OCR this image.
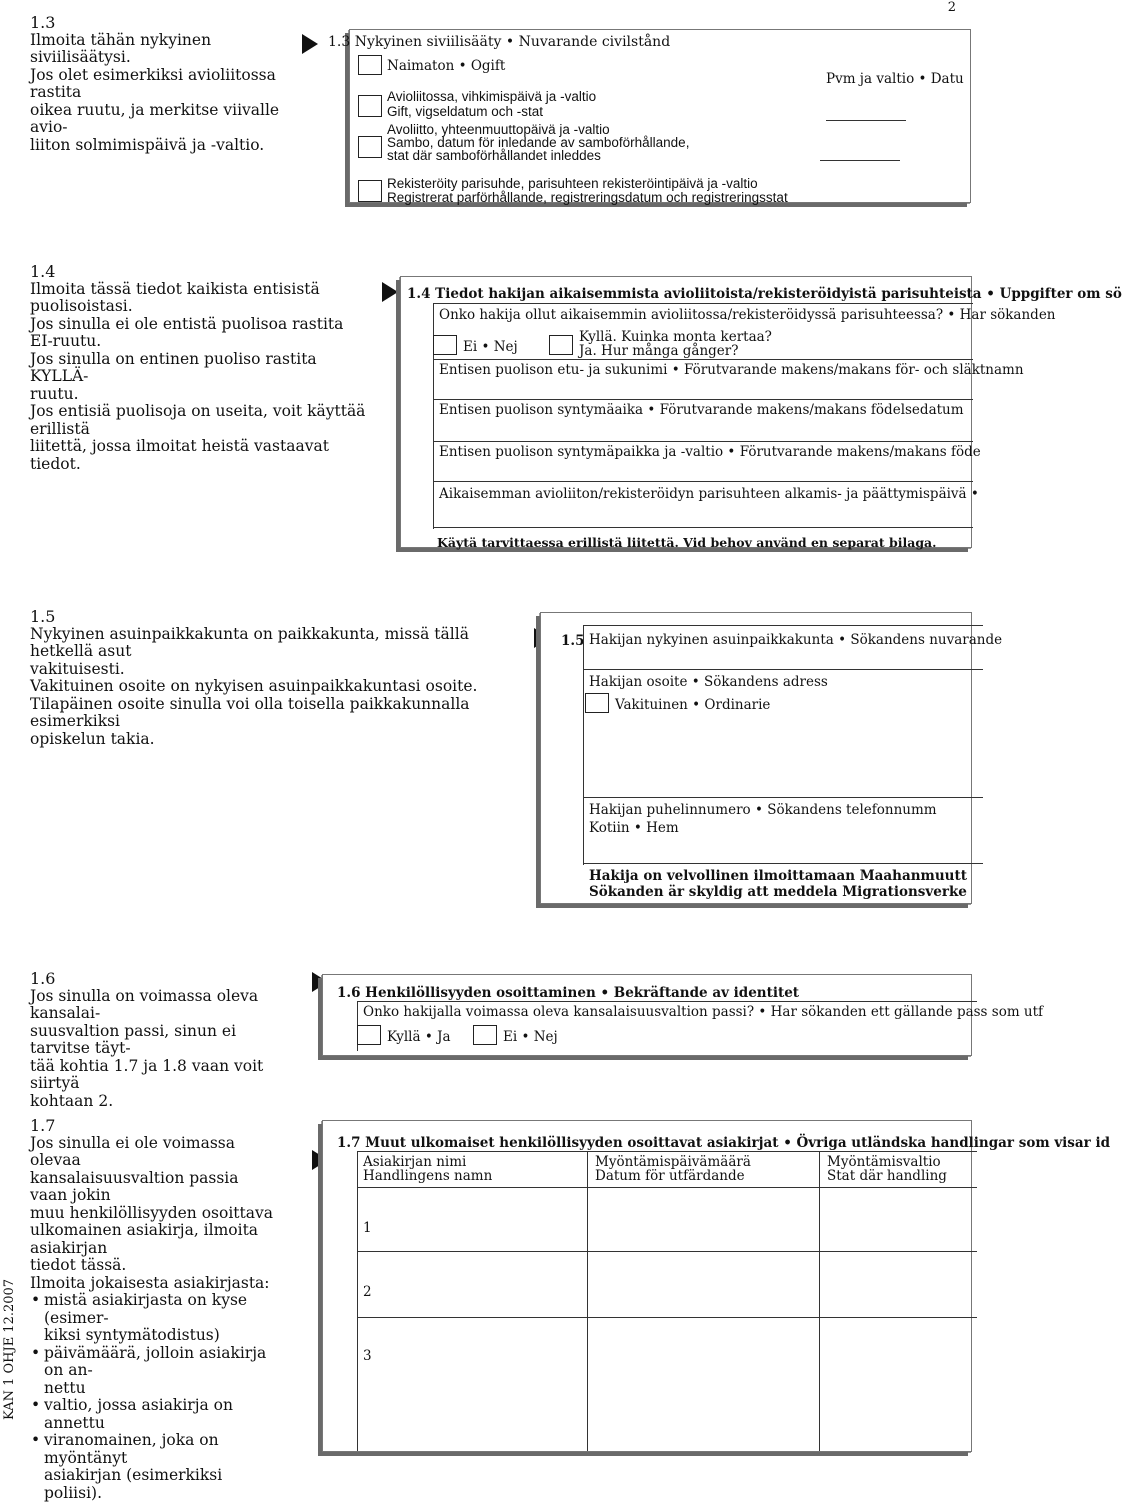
2
KAN 1 OHJE 12.2007

1.3

Ilmoita tähän nykyinen siviilisäätysi.

Jos olet esimerkiksi avioliitossa rastita

oikea ruutu, ja merkitse viivalle avio-

liiton solmimispäivä ja -valtio.

1.3 Nykyinen siviilisääty • Nuvarande civilstånd
Naimaton • Ogift
Avioliitossa, vihkimispäivä ja -valtio
Gift, vigseldatum och -stat
Avoliitto, yhteenmuuttopäivä ja -valtio
Sambo, datum för inledande av samboförhållande,
stat där samboförhållandet inleddes
Rekisteröity parisuhde, parisuhteen rekisteröintipäivä ja -valtio
Registrerat parförhållande, registreringsdatum och registreringsstat
Pvm ja valtio • Datu

1.4

Ilmoita tässä tiedot kaikista entisistä puolisoistasi.

Jos sinulla ei ole entistä puolisoa rastita EI-ruutu.

Jos sinulla on entinen puoliso rastita KYLLÄ-

ruutu.

Jos entisiä puolisoja on useita, voit käyttää erillistä

liitettä, jossa ilmoitat heistä vastaavat tiedot.

1.4 Tiedot hakijan aikaisemmista avioliitoista/rekisteröidyistä parisuhteista • Uppgifter om sö
Onko hakija ollut aikaisemmin avioliitossa/rekisteröidyssä parisuhteessa? • Har sökanden
Ei • Nej
Kyllä. Kuinka monta kertaa?
Ja. Hur många gånger?
Entisen puolison etu- ja sukunimi • Förutvarande makens/makans för- och släktnamn
Entisen puolison syntymäaika • Förutvarande makens/makans födelsedatum
Entisen puolison syntymäpaikka ja -valtio • Förutvarande makens/makans föde
Aikaisemman avioliiton/rekisteröidyn parisuhteen alkamis- ja päättymispäivä •
Käytä tarvittaessa erillistä liitettä. Vid behov använd en separat bilaga.

1.5

Nykyinen asuinpaikkakunta on paikkakunta, missä tällä hetkellä asut

vakituisesti.

Vakituinen osoite on nykyisen asuinpaikkakuntasi osoite.

Tilapäinen osoite sinulla voi olla toisella paikkakunnalla esimerkiksi

opiskelun takia.

1.5 Hakijan nykyinen asuinpaikkakunta • Sökandens nuvarande
Hakijan osoite • Sökandens adress
Vakituinen • Ordinarie
Hakijan puhelinnumero • Sökandens telefonnumm
Kotiin • Hem
Hakija on velvollinen ilmoittamaan Maahanmuutt
Sökanden är skyldig att meddela Migrationsverke

1.6

Jos sinulla on voimassa oleva kansalai-

suusvaltion passi, sinun ei tarvitse täyt-

tää kohtia 1.7 ja 1.8 vaan voit siirtyä

kohtaan 2.

1.6 Henkilöllisyyden osoittaminen • Bekräftande av identitet
Onko hakijalla voimassa oleva kansalaisuusvaltion passi? • Har sökanden ett gällande pass som utf
Kyllä • Ja	Ei • Nej

1.7

Jos sinulla ei ole voimassa olevaa

kansalaisuusvaltion passia vaan jokin

muu henkilöllisyyden osoittava

ulkomainen asiakirja, ilmoita asiakirjan

tiedot tässä.

Ilmoita jokaisesta asiakirjasta:

• mistä asiakirjasta on kyse (esimer-
kiksi syntymätodistus)
• päivämäärä, jolloin asiakirja on an-
nettu
• valtio, jossa asiakirja on annettu
• viranomainen, joka on myöntänyt
asiakirjan (esimerkiksi poliisi).
1.7 Muut ulkomaiset henkilöllisyyden osoittavat asiakirjat • Övriga utländska handlingar som visar id
Asiakirjan nimi
Handlingens namn
Myöntämispäivämäärä
Datum för utfärdande
Myöntämisvaltio
Stat där handling
1
2
3
